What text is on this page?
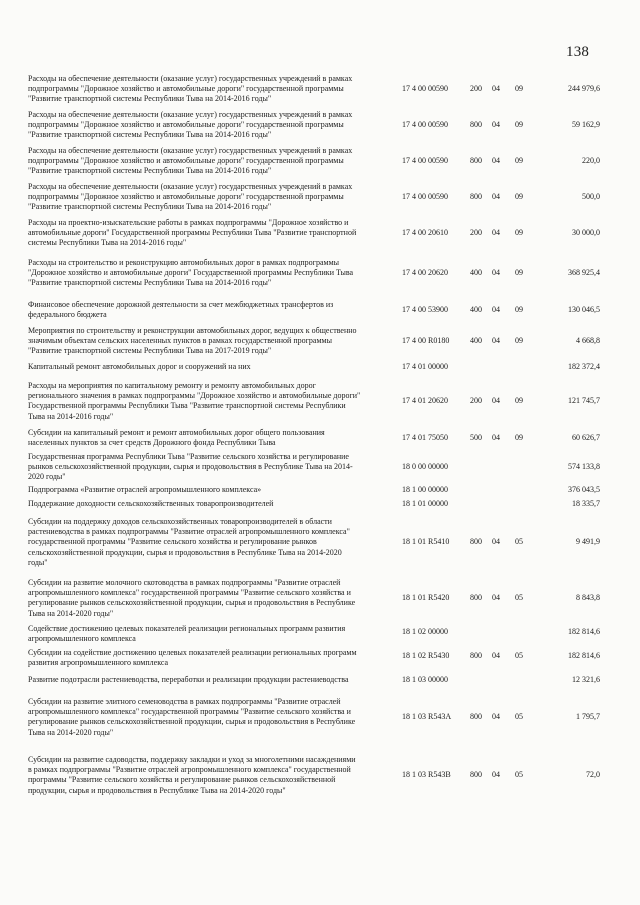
138
Расходы на обеспечение деятельности (оказание услуг) государственных учреждений в рамках
подпрограммы "Дорожное хозяйство и автомобильные дороги" государственной программы
"Развитие транспортной системы Республики Тыва на 2014-2016 годы"
17 4 00 00590	200 04 09	244 979,6
Расходы на обеспечение деятельности (оказание услуг) государственных учреждений в рамках
подпрограммы "Дорожное хозяйство и автомобильные дороги" государственной программы
"Развитие транспортной системы Республики Тыва на 2014-2016 годы"
17 4 00 00590	800 04 09	59 162,9
Расходы на обеспечение деятельности (оказание услуг) государственных учреждений в рамках
подпрограммы "Дорожное хозяйство и автомобильные дороги" государственной программы
"Развитие транспортной системы Республики Тыва на 2014-2016 годы"
17 4 00 00590	800 04 09	220,0
Расходы на обеспечение деятельности (оказание услуг) государственных учреждений в рамках
подпрограммы "Дорожное хозяйство и автомобильные дороги" государственной программы
"Развитие транспортной системы Республики Тыва на 2014-2016 годы"
17 4 00 00590	800 04 09	500,0
Расходы на проектно-изыскательские работы в рамках подпрограммы "Дорожное хозяйство и
автомобильные дороги" Государственной программы Республики Тыва "Развитие транспортной
системы Республики Тыва на 2014-2016 годы"
17 4 00 20610	200 04 09	30 000,0
Расходы на строительство и реконструкцию автомобильных дорог в рамках подпрограммы
"Дорожное хозяйство и автомобильные дороги" Государственной программы Республики Тыва
"Развитие транспортной системы Республики Тыва на 2014-2016 годы"
17 4 00 20620	400 04 09	368 925,4
Финансовое обеспечение дорожной деятельности за счет межбюджетных трансфертов из
федерального бюджета
17 4 00 53900	400 04 09	130 046,5
Мероприятия по строительству и реконструкции автомобильных дорог, ведущих к общественно
значимым объектам сельских населенных пунктов в рамках государственной программы
"Развитие транспортной системы Республики Тыва на 2017-2019 годы"
17 4 00 R0180	400 04 09	4 668,8
Капитальный ремонт автомобильных дорог и сооружений на них	17 4 01 00000	182 372,4
Расходы на мероприятия по капитальному ремонту и ремонту автомобильных дорог
регионального значения в рамках подпрограммы "Дорожное хозяйство и автомобильные дороги"
Государственной программы Республики Тыва "Развитие транспортной системы Республики
Тыва на 2014-2016 годы"
17 4 01 20620	200 04 09	121 745,7
Субсидии на капитальный ремонт и ремонт автомобильных дорог общего пользования
населенных пунктов за счет средств Дорожного фонда Республики Тыва
17 4 01 75050	500 04 09	60 626,7
Государственная программа Республики Тыва "Развитие сельского хозяйства и регулирование
рынков сельскохозяйственной продукции, сырья и продовольствия в Республике Тыва на 2014-
2020 годы"
18 0 00 00000	574 133,8
Подпрограмма «Развитие отраслей агропромышленного комплекса»	18 1 00 00000	376 043,5
Поддержание доходности сельскохозяйственных товаропроизводителей	18 1 01 00000	18 335,7
Субсидии на поддержку доходов сельскохозяйственных товаропроизводителей в области
растениеводства в рамках подпрограммы "Развитие отраслей агропромышленного комплекса"
государственной программы "Развитие сельского хозяйства и регулирование рынков
сельскохозяйственной продукции, сырья и продовольствия в Республике Тыва на 2014-2020
годы"
18 1 01 R5410	800 04 05	9 491,9
Субсидии на развитие молочного скотоводства в рамках подпрограммы "Развитие отраслей
агропромышленного комплекса" государственной программы "Развитие сельского хозяйства и
регулирование рынков сельскохозяйственной продукции, сырья и продовольствия в Республике
Тыва на 2014-2020 годы"
18 1 01 R5420	800 04 05	8 843,8
Содействие достижению целевых показателей реализации региональных программ развития
агропромышленного комплекса
18 1 02 00000	182 814,6
Субсидии на содействие достижению целевых показателей реализации региональных программ
развития агропромышленного комплекса
18 1 02 R5430	800 04 05	182 814,6
Развитие подотрасли растениеводства, переработки и реализации продукции растениеводства	18 1 03 00000	12 321,6
Субсидии на развитие элитного семеноводства в рамках подпрограммы "Развитие отраслей
агропромышленного комплекса" государственной программы "Развитие сельского хозяйства и
регулирование рынков сельскохозяйственной продукции, сырья и продовольствия в Республике
Тыва на 2014-2020 годы"
18 1 03 R543A 800 04 05	1 795,7
Субсидии на развитие садоводства, поддержку закладки и уход за многолетними насаждениями
в рамках подпрограммы "Развитие отраслей агропромышленного комплекса" государственной
программы "Развитие сельского хозяйства и регулирование рынков сельскохозяйственной
продукции, сырья и продовольствия в Республике Тыва на 2014-2020 годы"
18 1 03 R543B 800 04 05	72,0
